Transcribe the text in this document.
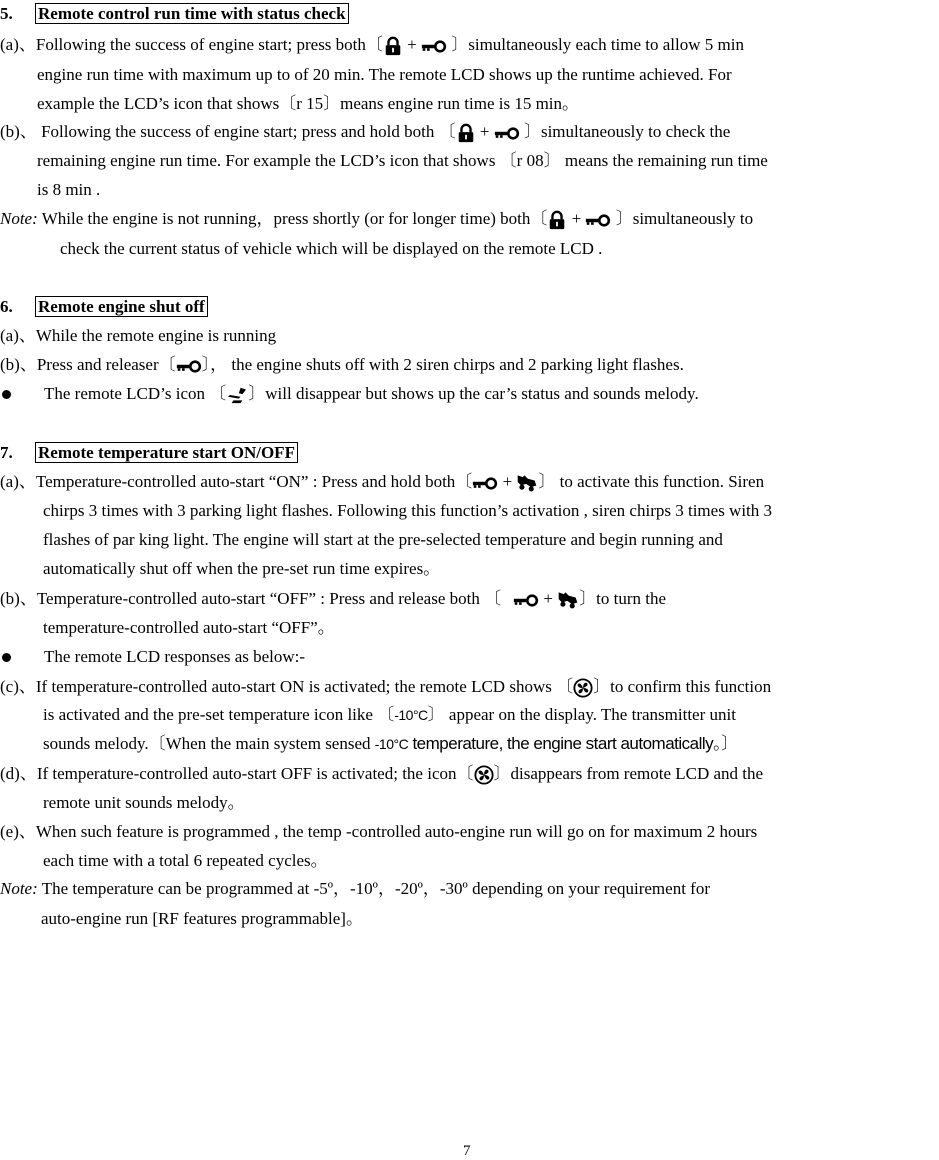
5. Remote control run time with status check
(a)、Following the success of engine start; press both〔 + 〕simultaneously each time to allow 5 min
engine run time with maximum up to of 20 min. The remote LCD shows up the runtime achieved. For
example the LCD’s icon that shows〔r 15〕means engine run time is 15 min。
(b)、 Following the success of engine start; press and hold both 〔 + 〕simultaneously to check the
remaining engine run time. For example the LCD’s icon that shows 〔r 08〕 means the remaining run time
is 8 min .
Note: While the engine is not running，press shortly (or for longer time) both〔 + 〕simultaneously to
check the current status of vehicle which will be displayed on the remote LCD .
6. Remote engine shut off
(a)、While the remote engine is running
(b)、Press and releaser〔 〕， the engine shuts off with 2 siren chirps and 2 parking light flashes.
The remote LCD’s icon 〔 〕will disappear but shows up the car’s status and sounds melody.
7. Remote temperature start ON/OFF
(a)、Temperature-controlled auto-start “ON” : Press and hold both〔 + 〕 to activate this function. Siren
chirps 3 times with 3 parking light flashes. Following this function’s activation , siren chirps 3 times with 3
flashes of par king light. The engine will start at the pre-selected temperature and begin running and
automatically shut off when the pre-set run time expires。
(b)、Temperature-controlled auto-start “OFF” : Press and release both 〔 + 〕to turn the
temperature-controlled auto-start “OFF”。
The remote LCD responses as below:-
(c)、If temperature-controlled auto-start ON is activated; the remote LCD shows 〔 〕to confirm this function
is activated and the pre-set temperature icon like 〔-10°C〕 appear on the display. The transmitter unit
sounds melody.〔When the main system sensed -10°C temperature, the engine start automatically。〕
(d)、If temperature-controlled auto-start OFF is activated; the icon〔 〕disappears from remote LCD and the
remote unit sounds melody。
(e)、When such feature is programmed , the temp -controlled auto-engine run will go on for maximum 2 hours
each time with a total 6 repeated cycles。
Note: The temperature can be programmed at -5º，-10º，-20º，-30º depending on your requirement for
auto-engine run [RF features programmable]。
7
